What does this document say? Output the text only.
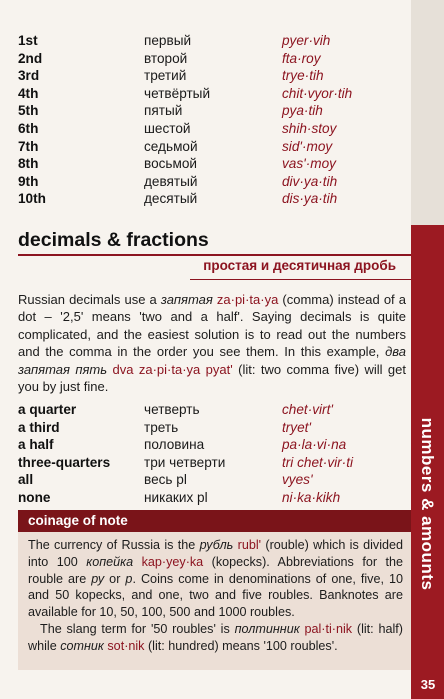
numbers & amounts
35
1st	первый	pyer·vih
2nd	второй	fta·roy
3rd	третий	trye·tih
4th	четвёртый	chit·vyor·tih
5th	пятый	pya·tih
6th	шестой	shih·stoy
7th	седьмой	sid'·moy
8th	восьмой	vas'·moy
9th	девятый	div·ya·tih
10th	десятый	dis·ya·tih
decimals & fractions
простая и десятичная дробь
Russian decimals use a запятая za·pi·ta·ya (comma) instead of a dot – '2,5' means 'two and a half'. Saying decimals is quite complicated, and the easiest solution is to read out the numbers and the comma in the order you see them. In this example, два запятая пять dva za·pi·ta·ya pyat' (lit: two comma five) will get you by just fine.
a quarter	четверть	chet·virt'
a third	треть	tryet'
a half	половина	pa·la·vi·na
three-quarters три четверти	tri chet·vir·ti
all	весь pl	vyes'
none	никаких pl	ni·ka·kikh
coinage of note

The currency of Russia is the рубль rubl' (rouble) which is divided into 100 копейка kap·yey·ka (kopecks). Abbreviations for the rouble are ру or р. Coins come in denominations of one, five, 10 and 50 kopecks, and one, two and five roubles. Banknotes are available for 10, 50, 100, 500 and 1000 roubles.

The slang term for '50 roubles' is полтинник pal·ti·nik (lit: half) while сотник sot·nik (lit: hundred) means '100 roubles'.
